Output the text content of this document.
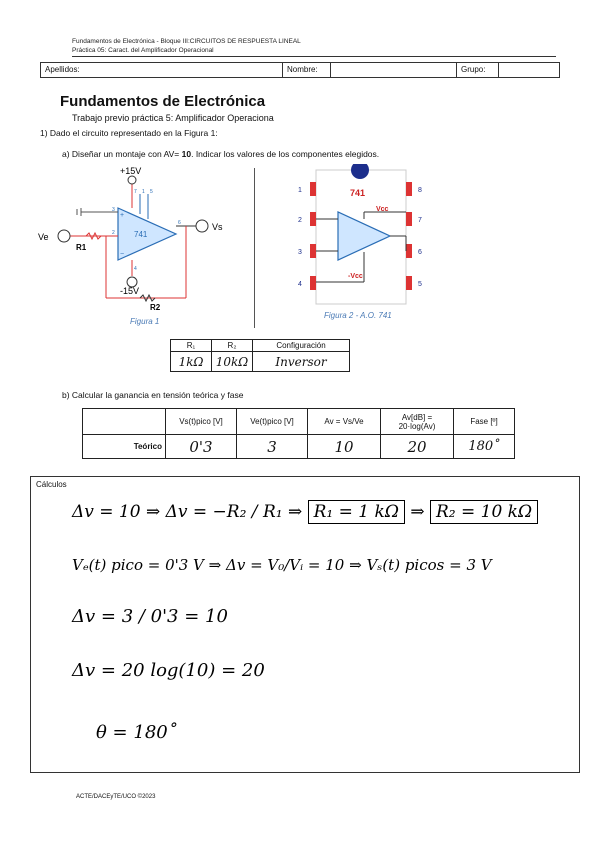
Fundamentos de Electrónica - Bloque III:CIRCUITOS DE RESPUESTA LINEAL
Práctica 05: Caract. del Amplificador Operacional
Apellidos:	Nombre:	Grupo:
Fundamentos de Electrónica
Trabajo previo práctica 5: Amplificador Operaciona
1) Dado el circuito representado en la Figura 1:
a) Diseñar un montaje con AV= 10. Indicar los valores de los componentes elegidos.
741
+
−
+15V
-15V
Ve
Vs
R1
R2
7 1 5
3
2
6
4
Figura 1
741
Vcc
-Vcc
1
2
3
4
8
7
6
5
Figura 2 - A.O. 741
R₁	R₂	Configuración
1kΩ	10kΩ	Inversor
b) Calcular la ganancia en tensión teórica y fase
	Vs(t)pico [V]	Ve(t)pico [V]	Av = Vs/Ve	Av[dB] = 20·log(Av)	Fase [º]
Teórico	0'3	3	10	20	180˚
Cálculos
Δv = 10 ⇒ Δv = −R₂ / R₁ ⇒ R₁ = 1 kΩ ⇒ R₂ = 10 kΩ
Vₑ(t) pico = 0'3 V ⇒ Δv = V₀/Vᵢ = 10 ⇒ Vₛ(t) picos = 3 V
Δv = 3 / 0'3 = 10
Δv = 20 log(10) = 20
θ = 180˚
ACTE/DACEyTE/UCO ©2023
